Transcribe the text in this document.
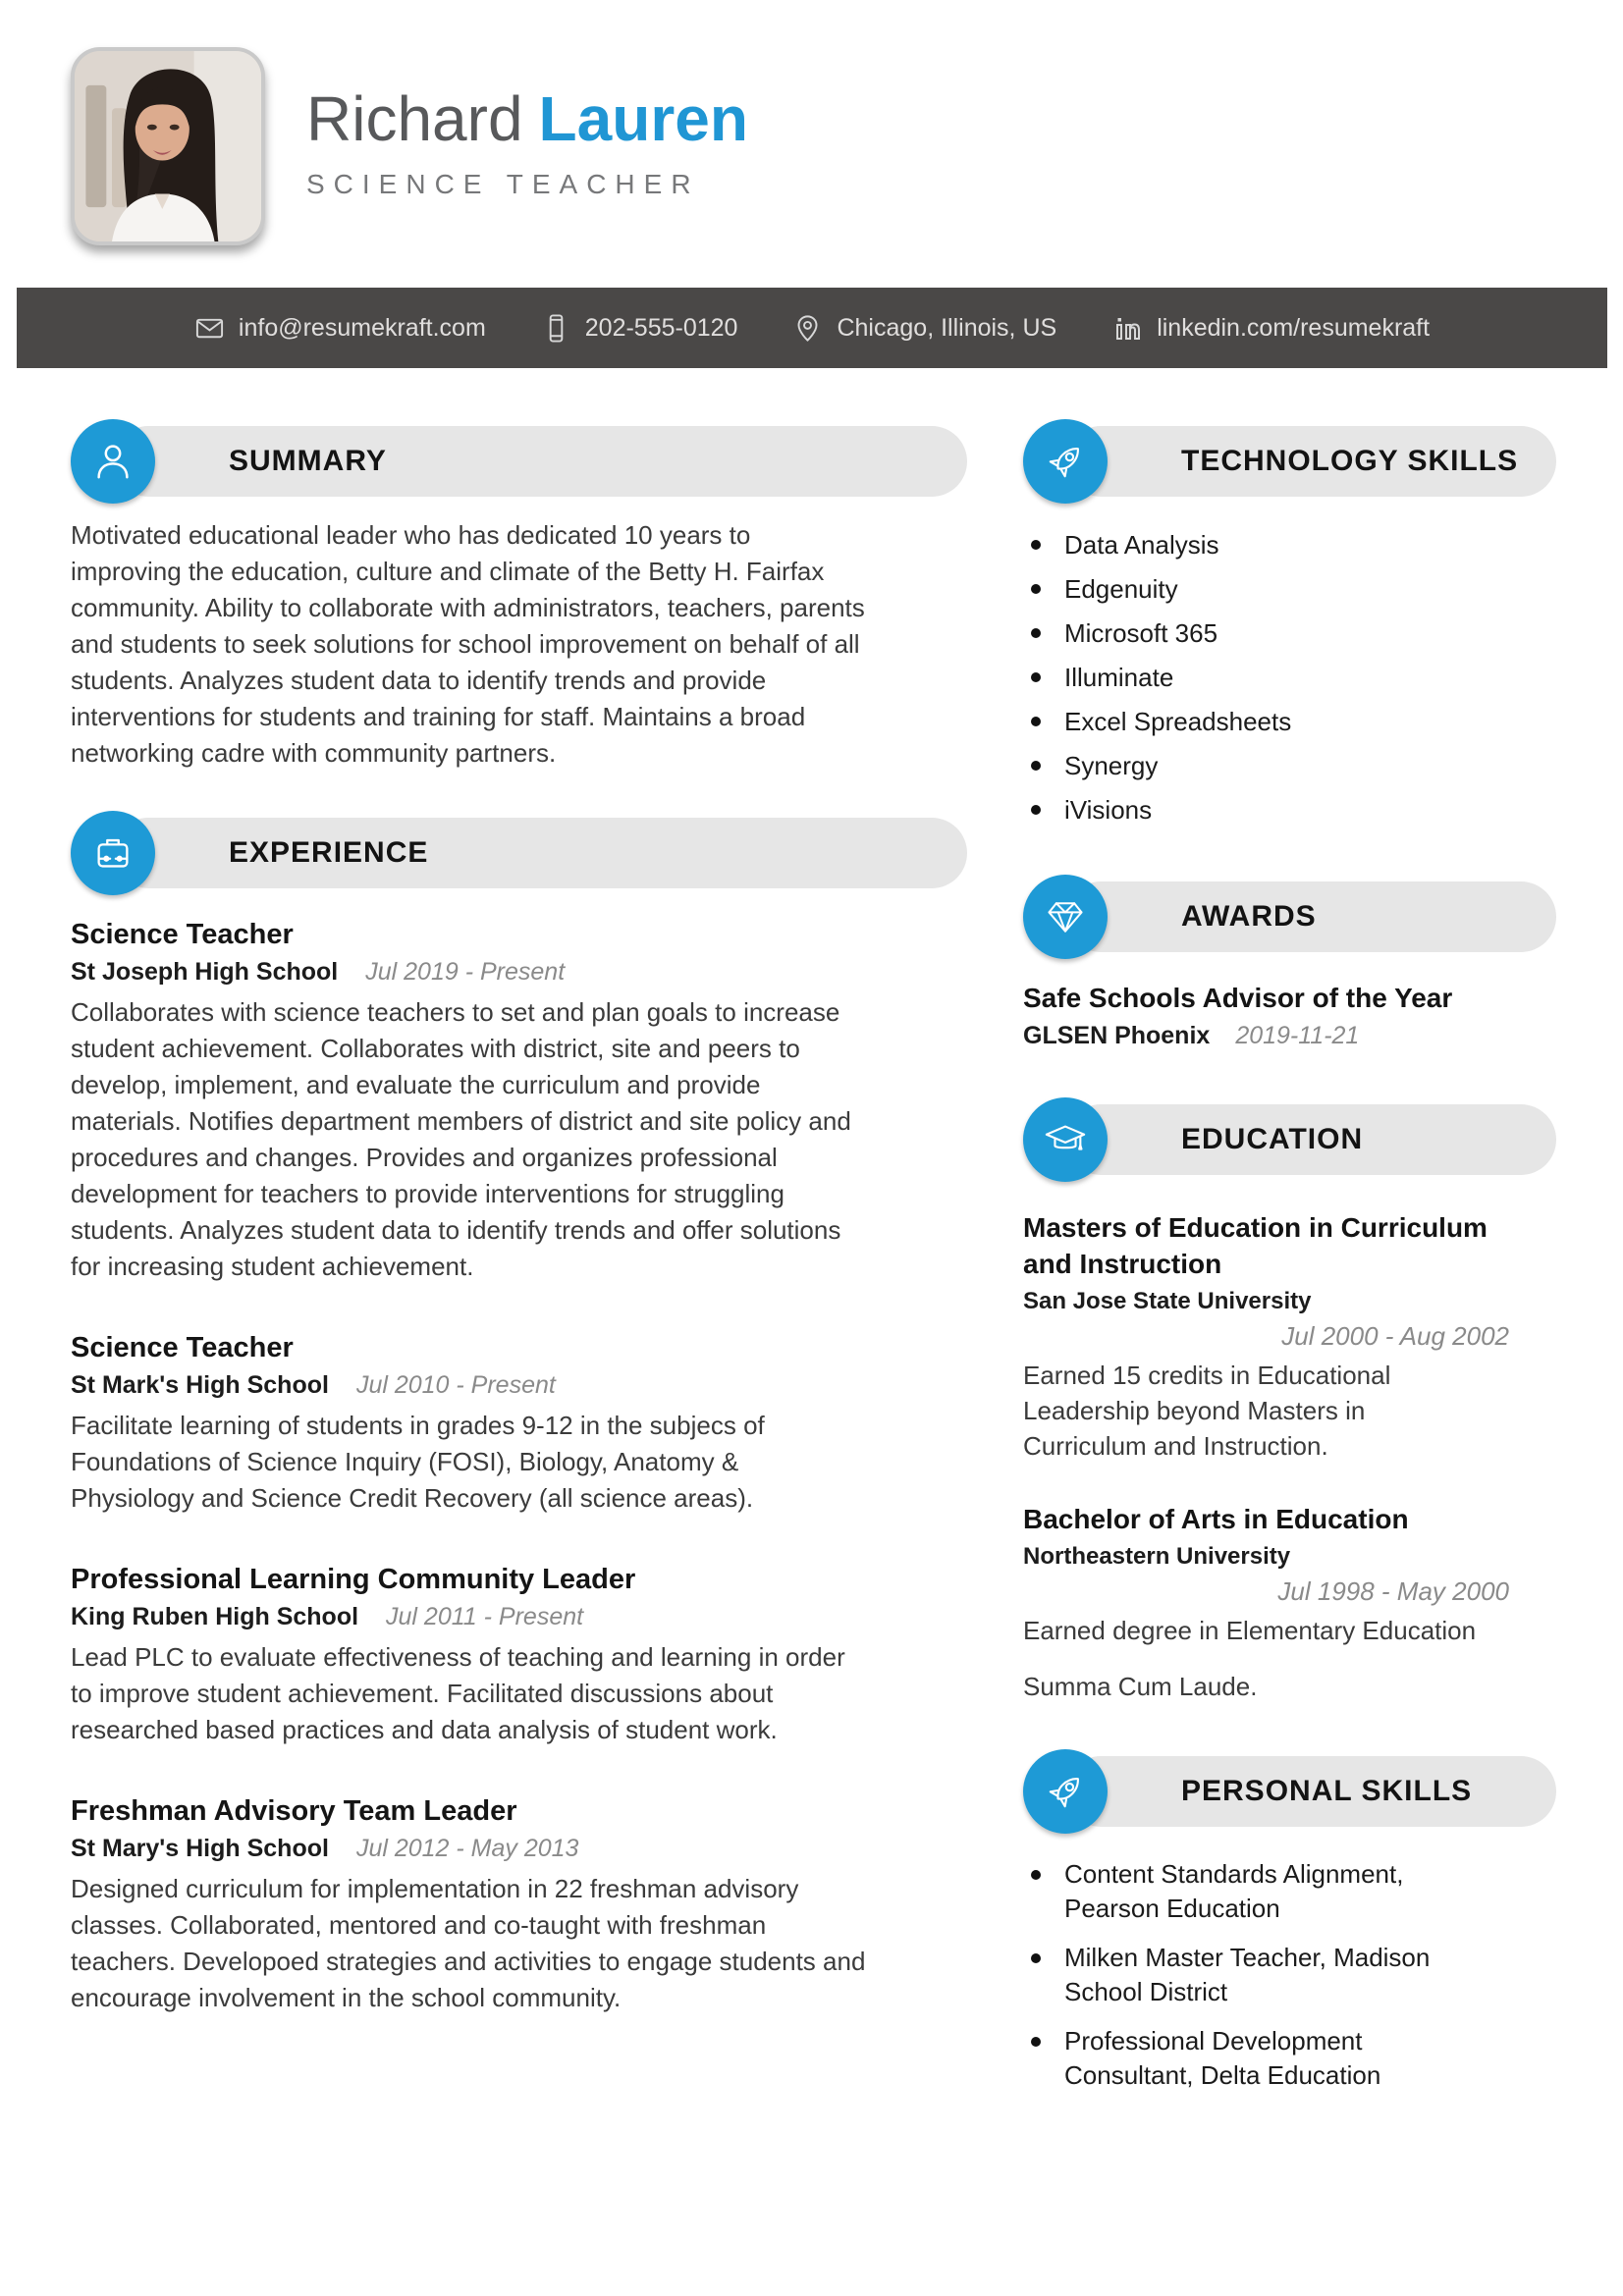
Richard Lauren
SCIENCE TEACHER
info@resumekraft.com	202-555-0120	Chicago, Illinois, US	linkedin.com/resumekraft
SUMMARY
Motivated educational leader who has dedicated 10 years to improving the education, culture and climate of the Betty H. Fairfax community. Ability to collaborate with administrators, teachers, parents and students to seek solutions for school improvement on behalf of all students. Analyzes student data to identify trends and provide interventions for students and training for staff. Maintains a broad networking cadre with community partners.
EXPERIENCE
Science Teacher
St Joseph High School Jul 2019 - Present
Collaborates with science teachers to set and plan goals to increase student achievement. Collaborates with district, site and peers to develop, implement, and evaluate the curriculum and provide materials. Notifies department members of district and site policy and procedures and changes. Provides and organizes professional development for teachers to provide interventions for struggling students. Analyzes student data to identify trends and offer solutions for increasing student achievement.
Science Teacher
St Mark's High School Jul 2010 - Present
Facilitate learning of students in grades 9-12 in the subjecs of Foundations of Science Inquiry (FOSI), Biology, Anatomy & Physiology and Science Credit Recovery (all science areas).
Professional Learning Community Leader
King Ruben High School Jul 2011 - Present
Lead PLC to evaluate effectiveness of teaching and learning in order to improve student achievement. Facilitated discussions about researched based practices and data analysis of student work.
Freshman Advisory Team Leader
St Mary's High School Jul 2012 - May 2013
Designed curriculum for implementation in 22 freshman advisory classes. Collaborated, mentored and co-taught with freshman teachers. Developoed strategies and activities to engage students and encourage involvement in the school community.
TECHNOLOGY SKILLS
Data Analysis
Edgenuity
Microsoft 365
Illuminate
Excel Spreadsheets
Synergy
iVisions
AWARDS
Safe Schools Advisor of the Year
GLSEN Phoenix 2019-11-21
EDUCATION
Masters of Education in Curriculum and Instruction
San Jose State University
Jul 2000 - Aug 2002
Earned 15 credits in Educational Leadership beyond Masters in Curriculum and Instruction.
Bachelor of Arts in Education
Northeastern University
Jul 1998 - May 2000
Earned degree in Elementary Education
Summa Cum Laude.
PERSONAL SKILLS
Content Standards Alignment, Pearson Education
Milken Master Teacher, Madison School District
Professional Development Consultant, Delta Education
